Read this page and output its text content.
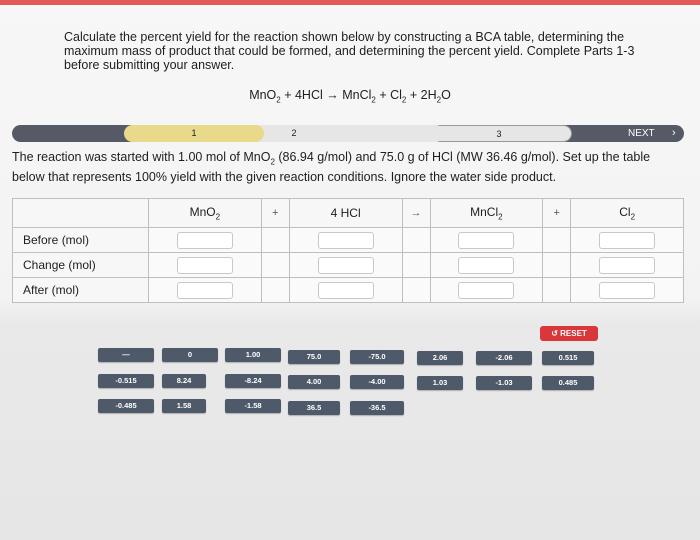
Calculate the percent yield for the reaction shown below by constructing a BCA table, determining the maximum mass of product that could be formed, and determining the percent yield. Complete Parts 1-3 before submitting your answer.

MnO$_2$ + 4HCl → MnCl$_2$ + $Cl_2 + 2H_2O$
3
2
1	NEXT ›

The reaction was started with 1.00 mol of MnO$_2$ (86.94 g/mol) and 75.0 g of HCl (MW 36.46 g/mol). Set up the table below that represents 100% yield with the given reaction conditions. Ignore the water side product.

	MnO$_2$	+	4 HCl	→	MnCl$_2$	+	$Cl_2$
Before (mol)	

Change (mol)	

After (mol)	

↺ RESET
—	0	1.00	75.0	-75.0	2.06	-2.06	0.515
-0.515	8.24	-8.24	4.00	-4.00	1.03	-1.03	0.485
-0.485	1.58	-1.58	36.5	-36.5
